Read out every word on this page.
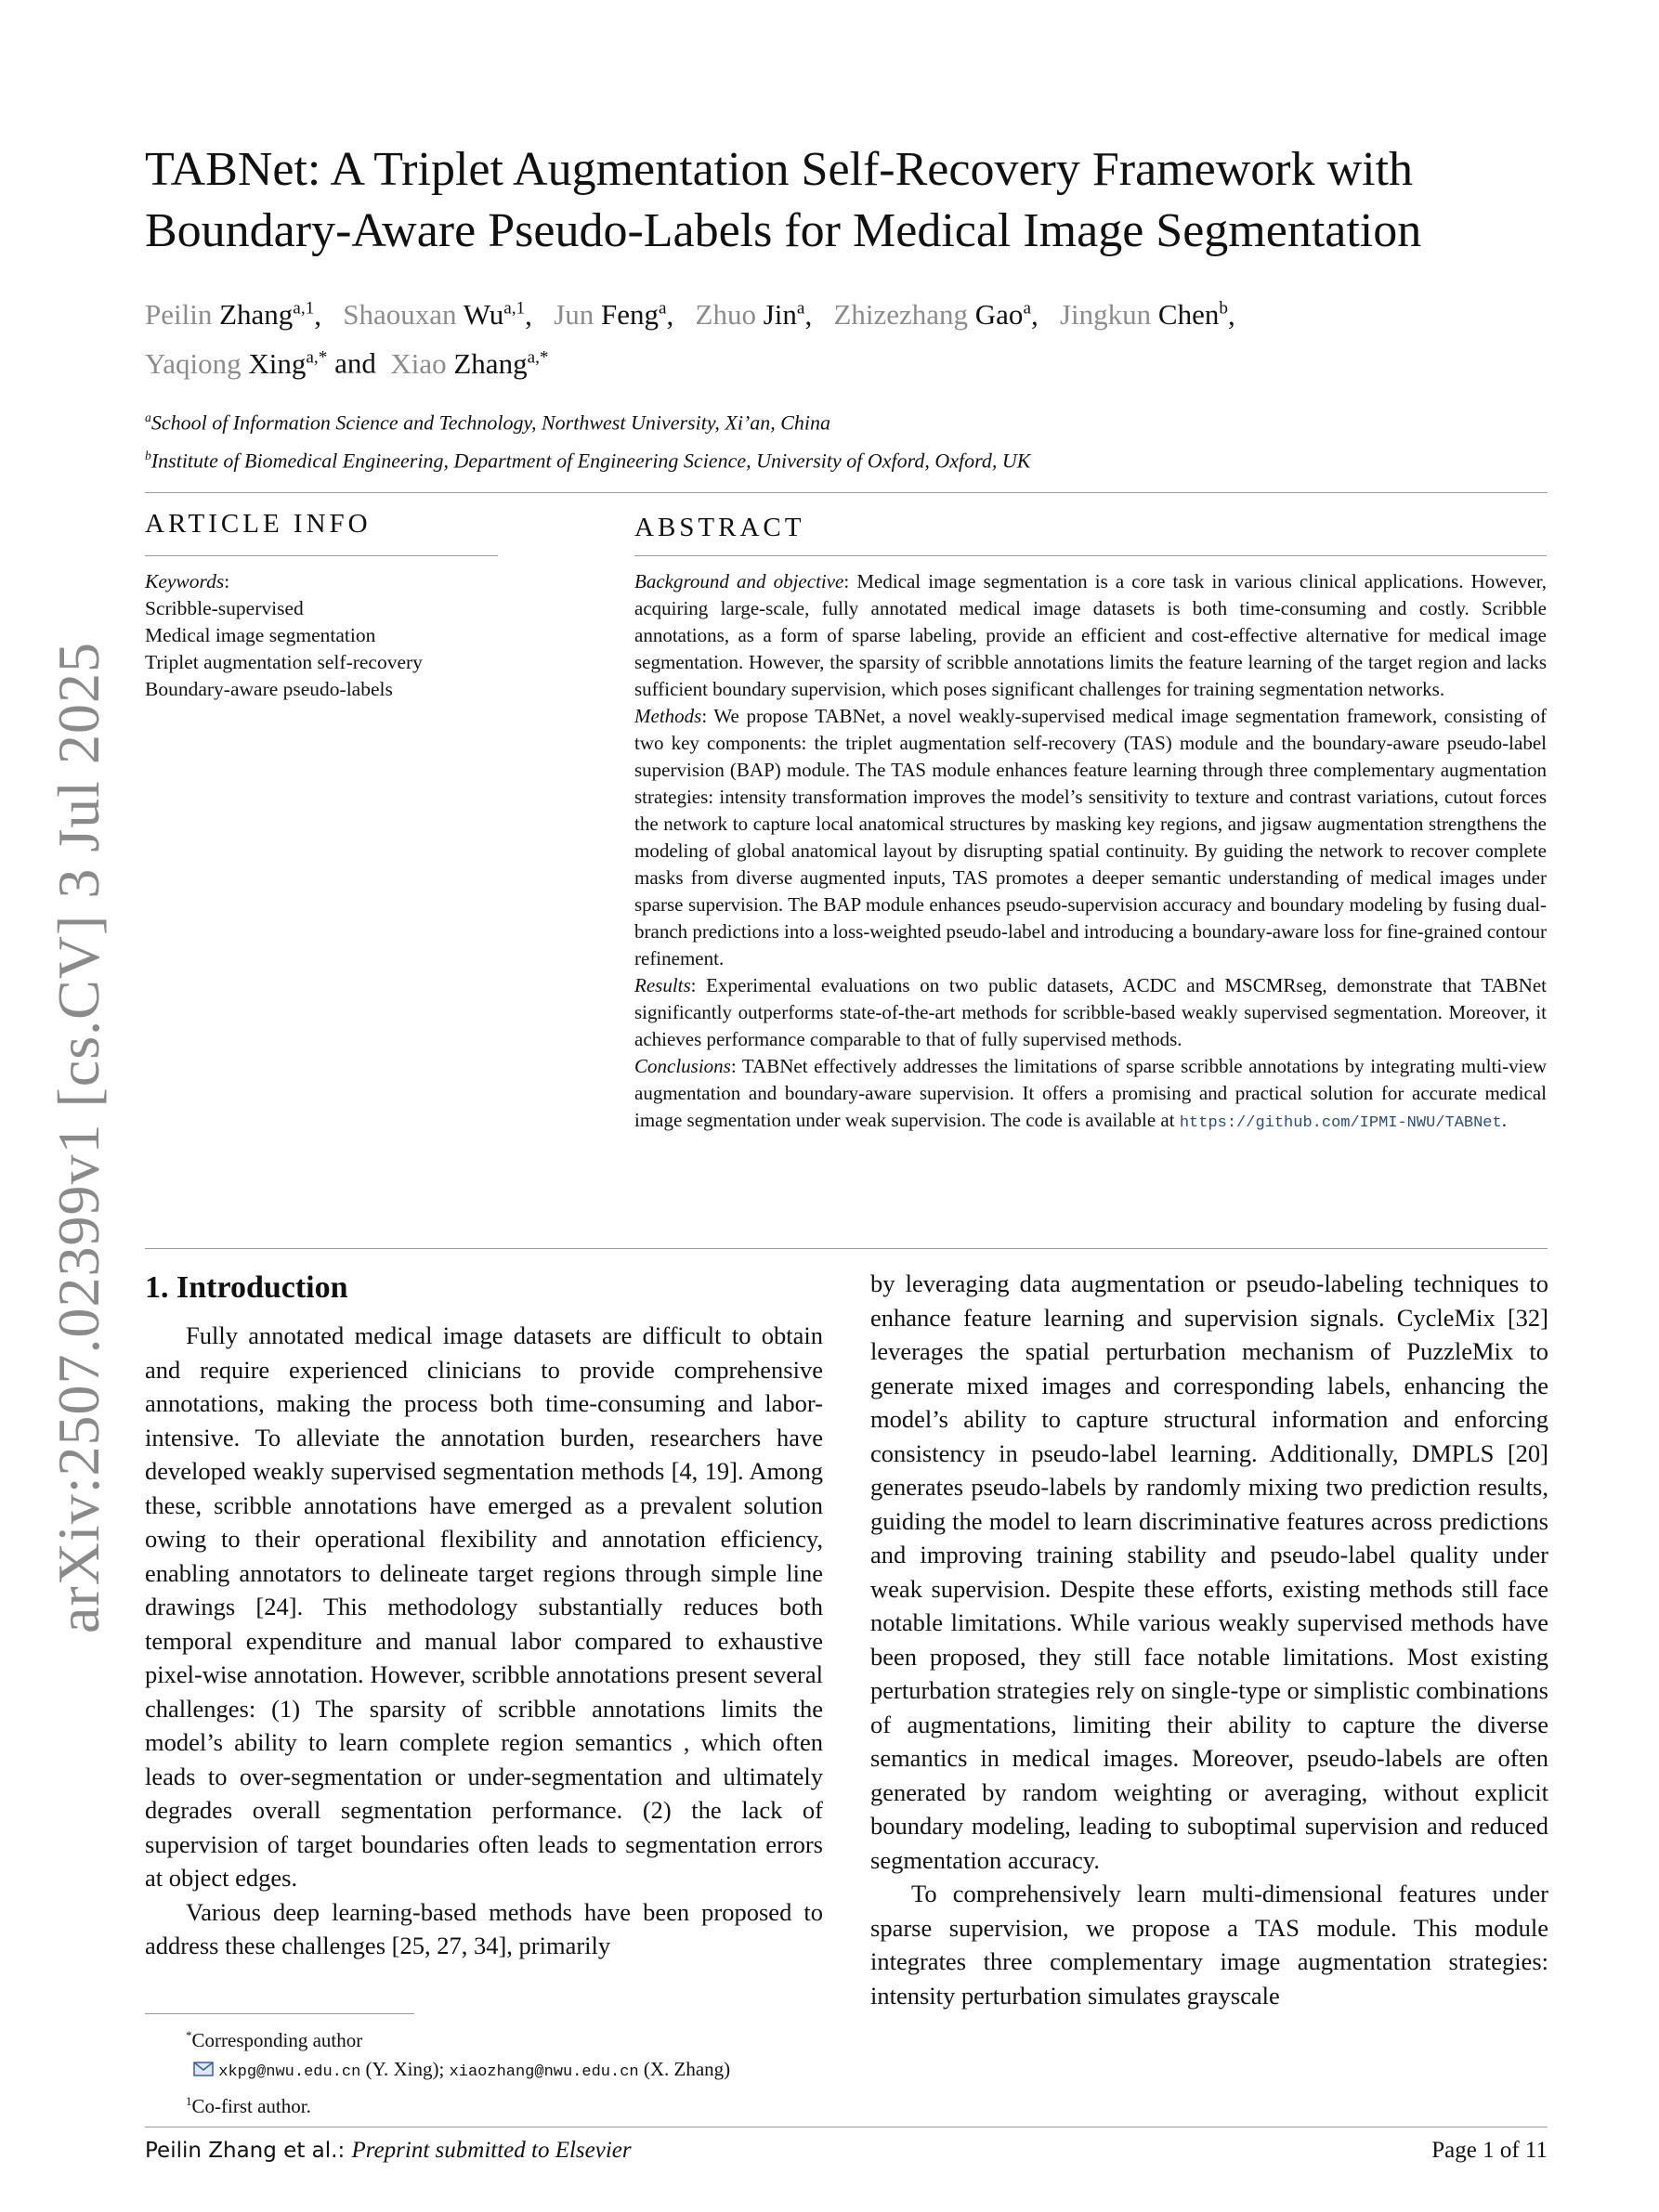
arXiv:2507.02399v1 [cs.CV] 3 Jul 2025
TABNet: A Triplet Augmentation Self-Recovery Framework with
Boundary-Aware Pseudo-Labels for Medical Image Segmentation
Peilin Zhang$^{a,1}$,   Shaouxan Wu$^{a,1}$,   Jun Feng$^a$,   Zhuo Jin$^a$,   Zhizezhang Gao$^a$,   Jingkun Chen$^b$,
Yaqiong Xing$^{a,*}$ and  Xiao Zhang$^{a,*}$
$^a$School of Information Science and Technology, Northwest University, Xi’an, China
$^b$Institute of Biomedical Engineering, Department of Engineering Science, University of Oxford, Oxford, UK
ARTICLE INFO
Keywords:
Scribble-supervised
Medical image segmentation
Triplet augmentation self-recovery
Boundary-aware pseudo-labels
ABSTRACT

Background and objective: Medical image segmentation is a core task in various clinical applications. However, acquiring large-scale, fully annotated medical image datasets is both time-consuming and costly. Scribble annotations, as a form of sparse labeling, provide an efficient and cost-effective alternative for medical image segmentation. However, the sparsity of scribble annotations limits the feature learning of the target region and lacks sufficient boundary supervision, which poses significant challenges for training segmentation networks.

Methods: We propose TABNet, a novel weakly-supervised medical image segmentation framework, consisting of two key components: the triplet augmentation self-recovery (TAS) module and the boundary-aware pseudo-label supervision (BAP) module. The TAS module enhances feature learning through three complementary augmentation strategies: intensity transformation improves the model’s sensitivity to texture and contrast variations, cutout forces the network to capture local anatomical structures by masking key regions, and jigsaw augmentation strengthens the modeling of global anatomical layout by disrupting spatial continuity. By guiding the network to recover complete masks from diverse augmented inputs, TAS promotes a deeper semantic understanding of medical images under sparse supervision. The BAP module enhances pseudo-supervision accuracy and boundary modeling by fusing dual-branch predictions into a loss-weighted pseudo-label and introducing a boundary-aware loss for fine-grained contour refinement.

Results: Experimental evaluations on two public datasets, ACDC and MSCMRseg, demonstrate that TABNet significantly outperforms state-of-the-art methods for scribble-based weakly supervised segmentation. Moreover, it achieves performance comparable to that of fully supervised methods.

Conclusions: TABNet effectively addresses the limitations of sparse scribble annotations by integrating multi-view augmentation and boundary-aware supervision. It offers a promising and practical solution for accurate medical image segmentation under weak supervision. The code is available at https://github.com/IPMI-NWU/TABNet.

1. Introduction

Fully annotated medical image datasets are difficult to obtain and require experienced clinicians to provide comprehensive annotations, making the process both time-consuming and labor-intensive. To alleviate the annotation burden, researchers have developed weakly supervised segmentation methods [4, 19]. Among these, scribble annotations have emerged as a prevalent solution owing to their operational flexibility and annotation efficiency, enabling annotators to delineate target regions through simple line drawings [24]. This methodology substantially reduces both temporal expenditure and manual labor compared to exhaustive pixel-wise annotation. However, scribble annotations present several challenges: (1) The sparsity of scribble annotations limits the model’s ability to learn complete region semantics , which often leads to over-segmentation or under-segmentation and ultimately degrades overall segmentation performance. (2) the lack of supervision of target boundaries often leads to segmentation errors at object edges.

Various deep learning-based methods have been proposed to address these challenges [25, 27, 34], primarily

by leveraging data augmentation or pseudo-labeling techniques to enhance feature learning and supervision signals. CycleMix [32] leverages the spatial perturbation mechanism of PuzzleMix to generate mixed images and corresponding labels, enhancing the model’s ability to capture structural information and enforcing consistency in pseudo-label learning. Additionally, DMPLS [20] generates pseudo-labels by randomly mixing two prediction results, guiding the model to learn discriminative features across predictions and improving training stability and pseudo-label quality under weak supervision. Despite these efforts, existing methods still face notable limitations. While various weakly supervised methods have been proposed, they still face notable limitations. Most existing perturbation strategies rely on single-type or simplistic combinations of augmentations, limiting their ability to capture the diverse semantics in medical images. Moreover, pseudo-labels are often generated by random weighting or averaging, without explicit boundary modeling, leading to suboptimal supervision and reduced segmentation accuracy.

To comprehensively learn multi-dimensional features under sparse supervision, we propose a TAS module. This module integrates three complementary image augmentation strategies: intensity perturbation simulates grayscale

*Corresponding author
xkpg@nwu.edu.cn (Y. Xing); xiaozhang@nwu.edu.cn (X. Zhang)
$^1$Co-first author.
Peilin Zhang et al.: Preprint submitted to Elsevier	Page 1 of 11
